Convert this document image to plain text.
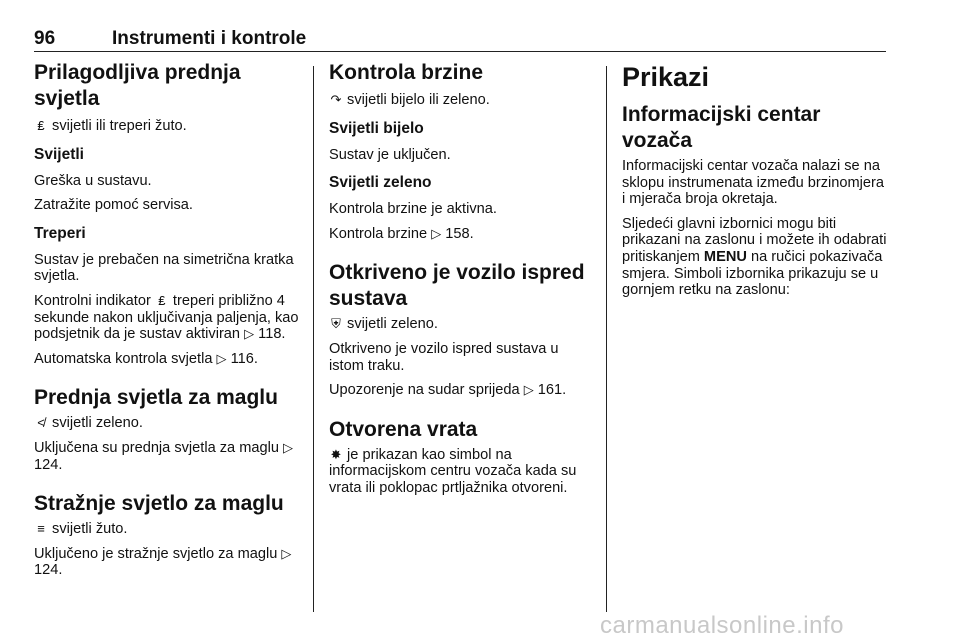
96	Instrumenti i kontrole
Prilagodljiva prednja svjetla

₤ svijetli ili treperi žuto.

Svijetli

Greška u sustavu.

Zatražite pomoć servisa.

Treperi

Sustav je prebačen na simetrična kratka svjetla.

Kontrolni indikator ₤ treperi približno 4 sekunde nakon uključivanja paljenja, kao podsjetnik da je sustav aktiviran ▷ 118.

Automatska kontrola svjetla ▷ 116.

Prednja svjetla za maglu

≮ svijetli zeleno.

Uključena su prednja svjetla za maglu ▷ 124.

Stražnje svjetlo za maglu

≡ svijetli žuto.

Uključeno je stražnje svjetlo za maglu ▷ 124.

Kontrola brzine

↷ svijetli bijelo ili zeleno.

Svijetli bijelo

Sustav je uključen.

Svijetli zeleno

Kontrola brzine je aktivna.

Kontrola brzine ▷ 158.

Otkriveno je vozilo ispred sustava

⛨ svijetli zeleno.

Otkriveno je vozilo ispred sustava u istom traku.

Upozorenje na sudar sprijeda ▷ 161.

Otvorena vrata

✸ je prikazan kao simbol na informacijskom centru vozača kada su vrata ili poklopac prtljažnika otvoreni.

Prikazi
Informacijski centar vozača

Informacijski centar vozača nalazi se na sklopu instrumenata između brzinomjera i mjerača broja okretaja.

Sljedeći glavni izbornici mogu biti prikazani na zaslonu i možete ih odabrati pritiskanjem MENU na ručici pokazivača smjera. Simboli izbornika prikazuju se u gornjem retku na zaslonu:

carmanualsonline.info
